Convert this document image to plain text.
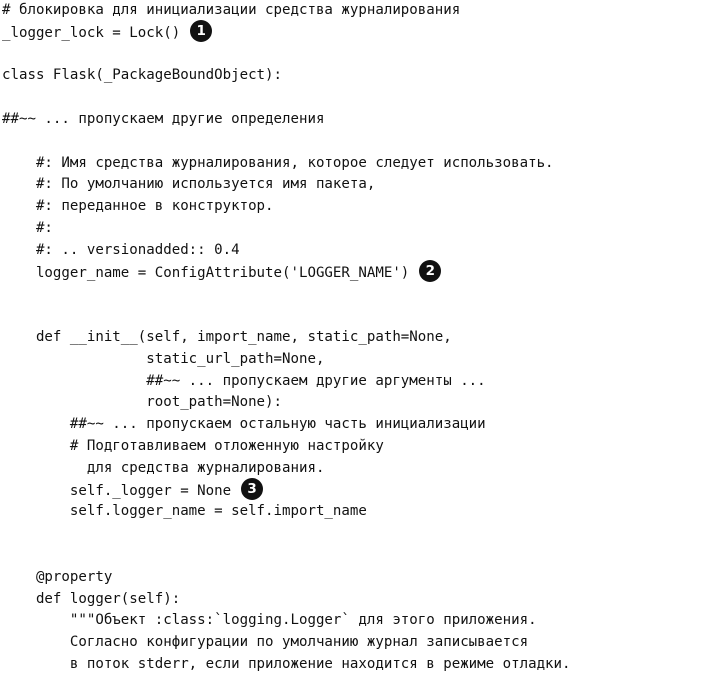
# блокировка для инициализации средства журналирования
_logger_lock = Lock() 1
class Flask(_PackageBoundObject):
##~~ ... пропускаем другие определения
#: Имя средства журналирования, которое следует использовать.
#: По умолчанию используется имя пакета,
#: переданное в конструктор.
#:
#: .. versionadded:: 0.4
logger_name = ConfigAttribute('LOGGER_NAME') 2
def __init__(self, import_name, static_path=None,
static_url_path=None,
##~~ ... пропускаем другие аргументы ...
root_path=None):
##~~ ... пропускаем остальную часть инициализации
# Подготавливаем отложенную настройку
для средства журналирования.
self._logger = None 3
self.logger_name = self.import_name
@property
def logger(self):
"""Объект :class:`logging.Logger` для этого приложения.
Согласно конфигурации по умолчанию журнал записывается
в поток stderr, если приложение находится в режиме отладки.
